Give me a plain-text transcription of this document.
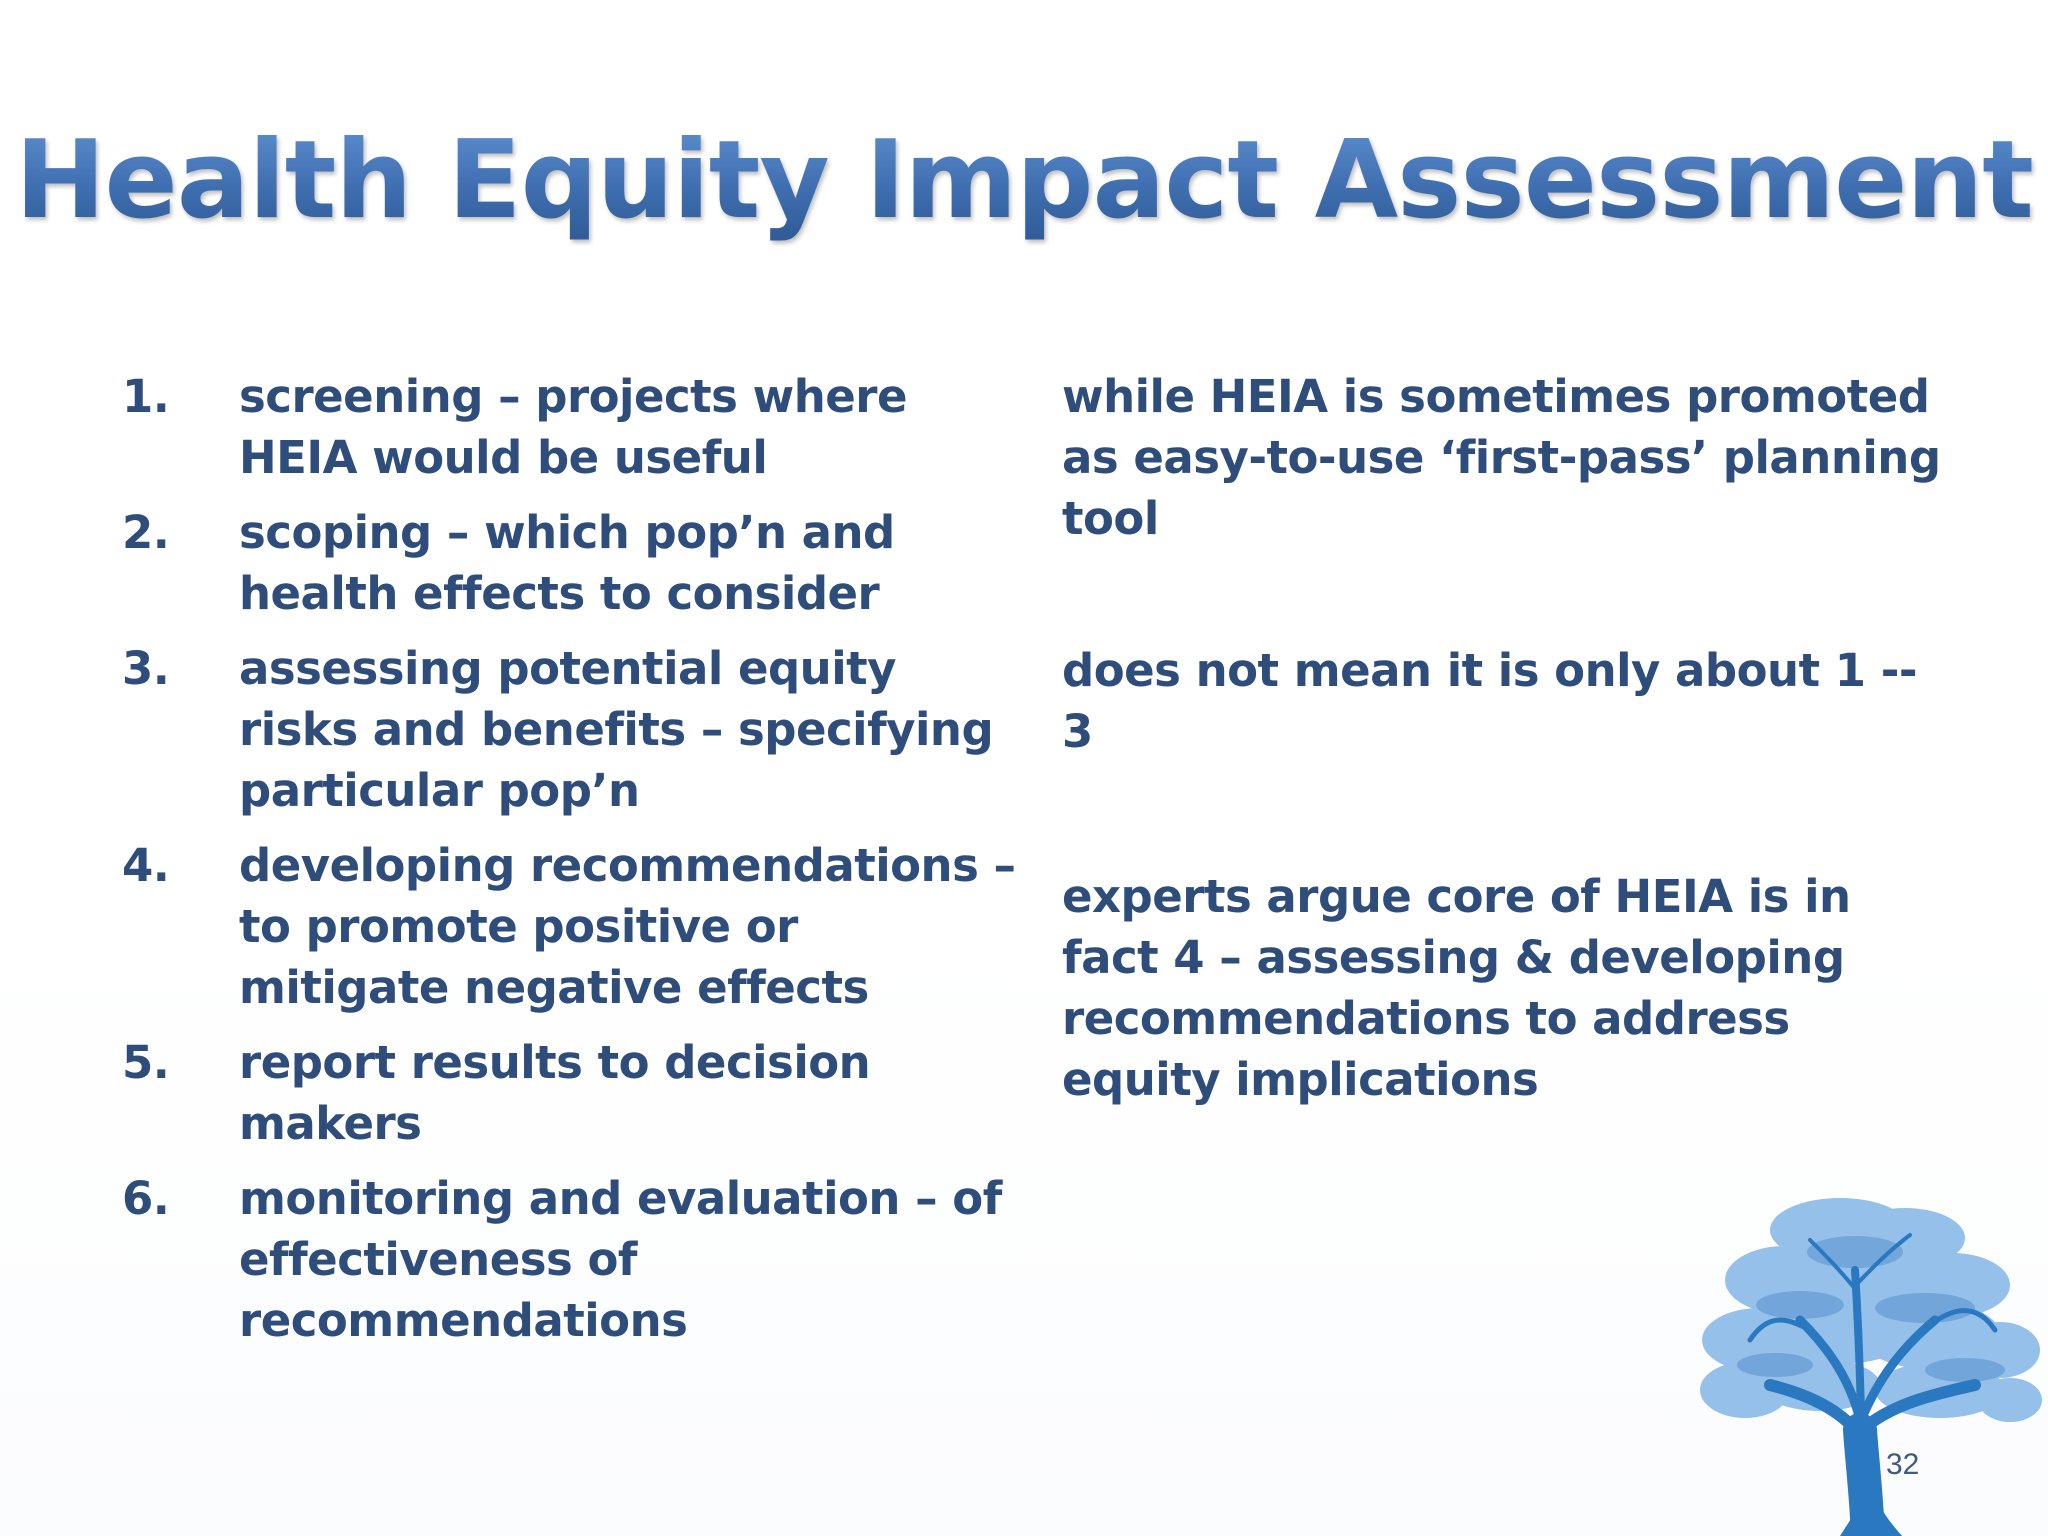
Health Equity Impact Assessment
1. screening – projects where HEIA would be useful
2. scoping – which pop’n and health effects to consider
3. assessing potential equity risks and benefits – specifying particular pop’n
4. developing recommendations – to promote positive or mitigate negative effects
5. report results to decision makers
6. monitoring and evaluation – of effectiveness of recommendations
while HEIA is sometimes promoted as easy-to-use ‘first-pass’ planning tool
does not mean it is only about 1 -- 3
experts argue core of HEIA is in fact 4 – assessing & developing recommendations to address equity implications
32
